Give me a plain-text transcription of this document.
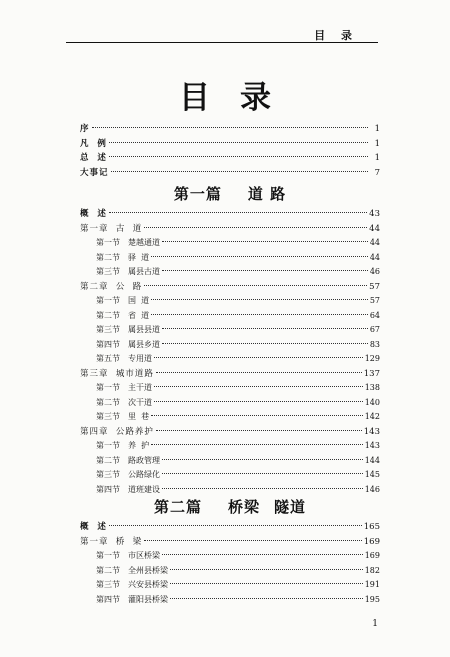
目 录
目录
序	1
凡  例	1
总  述	1
大事记	7
第一篇 道 路
概  述	43
第一章  古  道	44
第一节	楚越通道	44
第二节	驿  道	44
第三节	属县古道	46
第二章  公  路	57
第一节	国  道	57
第二节	省  道	64
第三节	属县县道	67
第四节	属县乡道	83
第五节	专用道	129
第三章  城市道路	137
第一节	主干道	138
第二节	次干道	140
第三节	里  巷	142
第四章  公路养护	143
第一节	养  护	143
第二节	路政管理	144
第三节	公路绿化	145
第四节	道班建设	146
第二篇 桥梁 隧道
概  述	165
第一章  桥  梁	169
第一节	市区桥梁	169
第二节	全州县桥梁	182
第三节	兴安县桥梁	191
第四节	灌阳县桥梁	195
1
